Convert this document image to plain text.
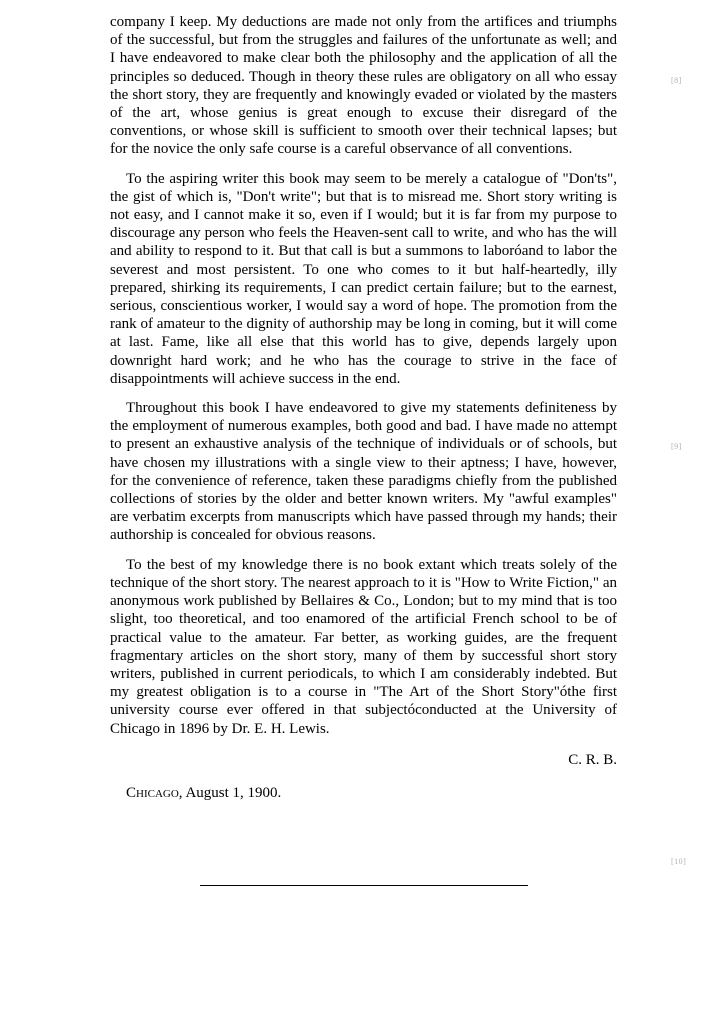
company I keep. My deductions are made not only from the artifices and triumphs of the successful, but from the struggles and failures of the unfortunate as well; and I have endeavored to make clear both the philosophy and the application of all the principles so deduced. Though in theory these rules are obligatory on all who essay the short story, they are frequently and knowingly evaded or violated by the masters of the art, whose genius is great enough to excuse their disregard of the conventions, or whose skill is sufficient to smooth over their technical lapses; but for the novice the only safe course is a careful observance of all conventions.

To the aspiring writer this book may seem to be merely a catalogue of "Don'ts", the gist of which is, "Don't write"; but that is to misread me. Short story writing is not easy, and I cannot make it so, even if I would; but it is far from my purpose to discourage any person who feels the Heaven-sent call to write, and who has the will and ability to respond to it. But that call is but a summons to laboróand to labor the severest and most persistent. To one who comes to it but half-heartedly, illy prepared, shirking its requirements, I can predict certain failure; but to the earnest, serious, conscientious worker, I would say a word of hope. The promotion from the rank of amateur to the dignity of authorship may be long in coming, but it will come at last. Fame, like all else that this world has to give, depends largely upon downright hard work; and he who has the courage to strive in the face of disappointments will achieve success in the end.

Throughout this book I have endeavored to give my statements definiteness by the employment of numerous examples, both good and bad. I have made no attempt to present an exhaustive analysis of the technique of individuals or of schools, but have chosen my illustrations with a single view to their aptness; I have, however, for the convenience of reference, taken these paradigms chiefly from the published collections of stories by the older and better known writers. My "awful examples" are verbatim excerpts from manuscripts which have passed through my hands; their authorship is concealed for obvious reasons.

To the best of my knowledge there is no book extant which treats solely of the technique of the short story. The nearest approach to it is "How to Write Fiction," an anonymous work published by Bellaires & Co., London; but to my mind that is too slight, too theoretical, and too enamored of the artificial French school to be of practical value to the amateur. Far better, as working guides, are the frequent fragmentary articles on the short story, many of them by successful short story writers, published in current periodicals, to which I am considerably indebted. But my greatest obligation is to a course in "The Art of the Short Story"óthe first university course ever offered in that subjectóconducted at the University of Chicago in 1896 by Dr. E. H. Lewis.

C. R. B.

Chicago, August 1, 1900.

[8]
[9]
[10]
